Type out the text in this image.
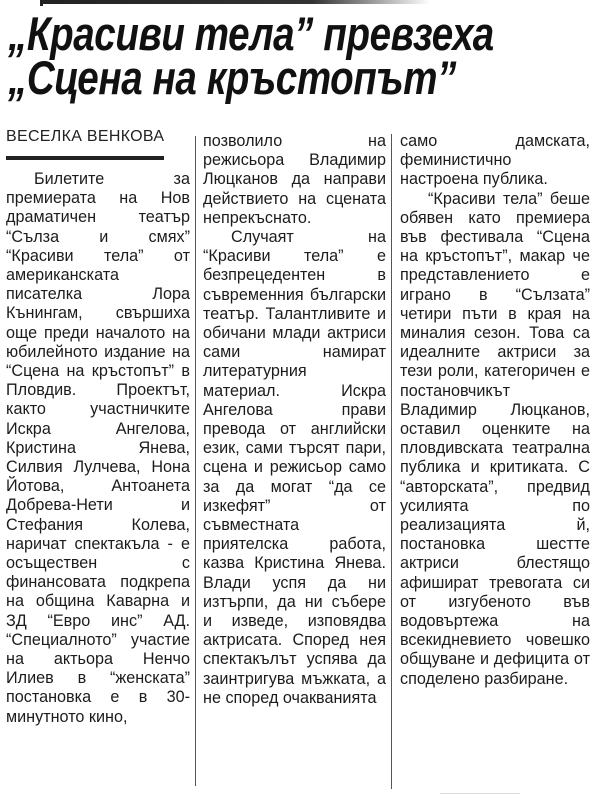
„Красиви тела” превзеха
„Сцена на кръстопът”
ВЕСЕЛКА ВЕНКОВА

Билетите за премиерата на Нов драматичен театър “Сълза и смях” “Красиви тела” от американската писателка Лора Кънингам, свършиха още преди началото на юбилейното издание на “Сцена на кръстопът” в Пловдив. Проектът, както участничките Искра Ангелова, Кристина Янева, Силвия Лулчева, Нона Йотова, Антоанета Добрева-Нети и Стефания Колева, наричат спектакъла - е осъществен с финансовата подкрепа на община Каварна и ЗД “Евро инс” АД. “Специалното” участие на актьора Ненчо Илиев в “женската” постановка е в 30-минутното кино,

позволило на режисьора Владимир Люцканов да направи действието на сцената непрекъснато.

Случаят на “Красиви тела” е безпрецедентен в съвременния български театър. Талантливите и обичани млади актриси сами намират литературния материал. Искра Ангелова прави превода от английски език, сами търсят пари, сцена и режисьор само за да могат “да се изкефят” от съвместната приятелска работа, казва Кристина Янева. Влади успя да ни изтърпи, да ни събере и изведе, изповядва актрисата. Според нея спектакълът успява да заинтригува мъжката, а не според очакванията

само дамската, феминистично настроена публика.

“Красиви тела” беше обявен като премиера във фестивала “Сцена на кръстопът”, макар че представлението е играно в “Сълзата” четири пъти в края на миналия сезон. Това са идеалните актриси за тези роли, категоричен е постановчикът Владимир Люцканов, оставил оценките на пловдивската театрална публика и критиката. С “авторската”, предвид усилията по реализацията й, постановка шестте актриси блестящо афишират тревогата си от изгубеното във водовъртежа на всекидневието човешко общуване и дефицита от споделено разбиране.
